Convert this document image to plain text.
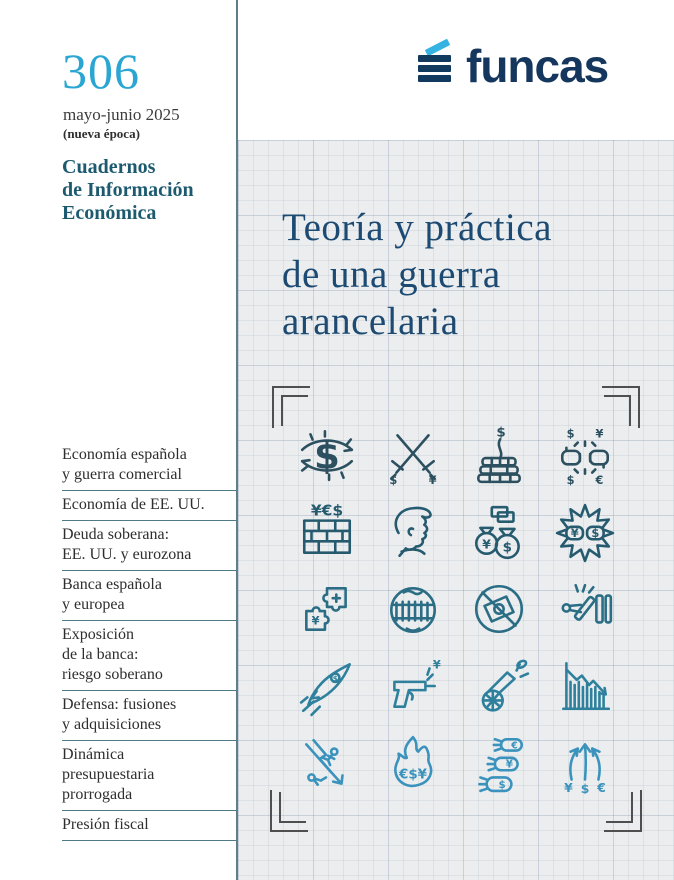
306
mayo-junio 2025
(nueva época)
Cuadernos
de Información
Económica
Economía española
y guerra comercial
Economía de EE. UU.
Deuda soberana:
EE. UU. y eurozona
Banca española
y europea
Exposición
de la banca:
riesgo soberano
Defensa: fusiones
y adquisiciones
Dinámica
presupuestaria
prorrogada
Presión fiscal
funcas
Teoría y práctica
de una guerra
arancelaria
$
$	¥
$	$ ¥
$ €
¥€$
¥ $
¥ $
¥
$
¥
€$¥
€
¥
$	¥ $ €
